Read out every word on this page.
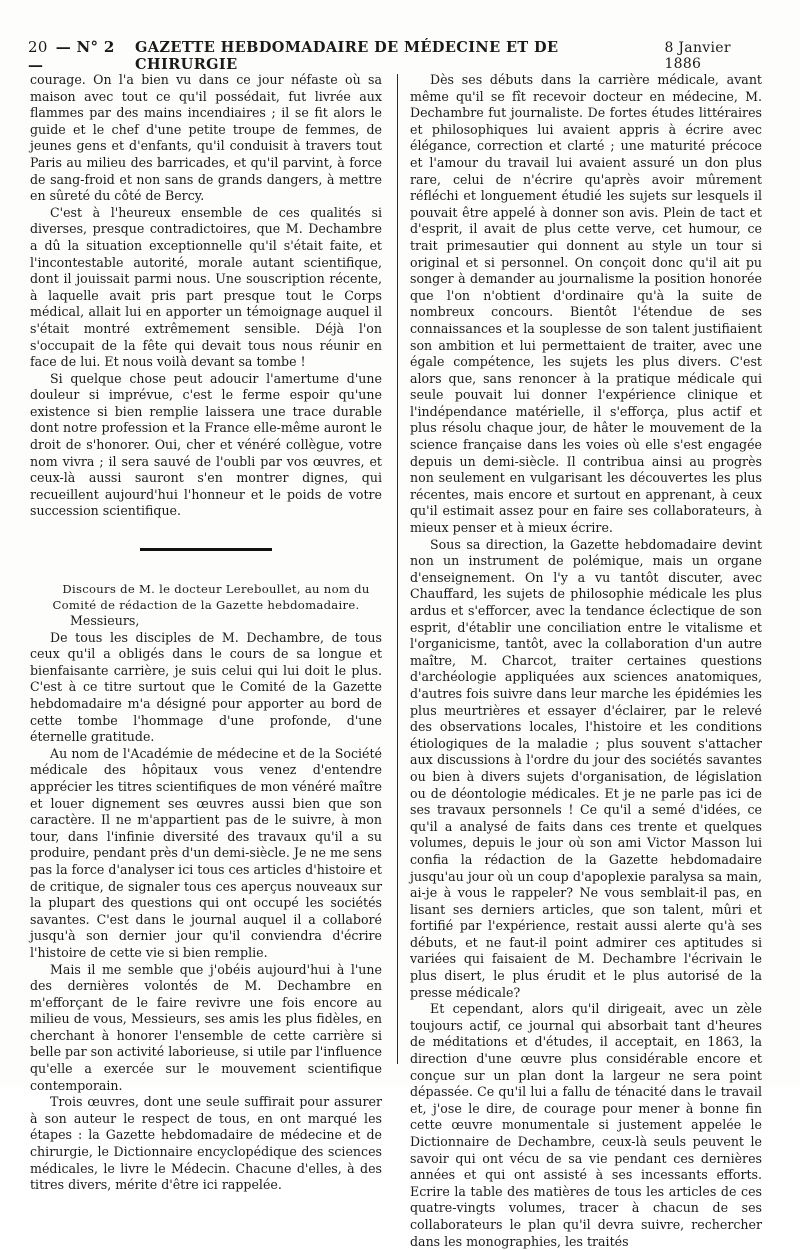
20 — N° 2 —
GAZETTE HEBDOMADAIRE DE MÉDECINE ET DE CHIRURGIE
8 Janvier 1886

courage. On l'a bien vu dans ce jour néfaste où sa maison avec tout ce qu'il possédait, fut livrée aux flammes par des mains incendiaires ; il se fit alors le guide et le chef d'une petite troupe de femmes, de jeunes gens et d'enfants, qu'il conduisit à travers tout Paris au milieu des barricades, et qu'il parvint, à force de sang-froid et non sans de grands dangers, à mettre en sûreté du côté de Bercy.

C'est à l'heureux ensemble de ces qualités si diverses, presque contradictoires, que M. Dechambre a dû la situation exceptionnelle qu'il s'était faite, et l'incontestable autorité, morale autant scientifique, dont il jouissait parmi nous. Une souscription récente, à laquelle avait pris part presque tout le Corps médical, allait lui en apporter un témoignage auquel il s'était montré extrêmement sensible. Déjà l'on s'occupait de la fête qui devait tous nous réunir en face de lui. Et nous voilà devant sa tombe !

Si quelque chose peut adoucir l'amertume d'une douleur si imprévue, c'est le ferme espoir qu'une existence si bien remplie laissera une trace durable dont notre profession et la France elle-même auront le droit de s'honorer. Oui, cher et vénéré collègue, votre nom vivra ; il sera sauvé de l'oubli par vos œuvres, et ceux-là aussi sauront s'en montrer dignes, qui recueillent aujourd'hui l'honneur et le poids de votre succession scientifique.

Discours de M. le docteur Lereboullet, au nom du Comité de rédaction de la Gazette hebdomadaire.

Messieurs,

De tous les disciples de M. Dechambre, de tous ceux qu'il a obligés dans le cours de sa longue et bienfaisante carrière, je suis celui qui lui doit le plus. C'est à ce titre surtout que le Comité de la Gazette hebdomadaire m'a désigné pour apporter au bord de cette tombe l'hommage d'une profonde, d'une éternelle gratitude.

Au nom de l'Académie de médecine et de la Société médicale des hôpitaux vous venez d'entendre apprécier les titres scientifiques de mon vénéré maître et louer dignement ses œuvres aussi bien que son caractère. Il ne m'appartient pas de le suivre, à mon tour, dans l'infinie diversité des travaux qu'il a su produire, pendant près d'un demi-siècle. Je ne me sens pas la force d'analyser ici tous ces articles d'histoire et de critique, de signaler tous ces aperçus nouveaux sur la plupart des questions qui ont occupé les sociétés savantes. C'est dans le journal auquel il a collaboré jusqu'à son dernier jour qu'il conviendra d'écrire l'histoire de cette vie si bien remplie.

Mais il me semble que j'obéis aujourd'hui à l'une des dernières volontés de M. Dechambre en m'efforçant de le faire revivre une fois encore au milieu de vous, Messieurs, ses amis les plus fidèles, en cherchant à honorer l'ensemble de cette carrière si belle par son activité laborieuse, si utile par l'influence qu'elle a exercée sur le mouvement scientifique contemporain.

Trois œuvres, dont une seule suffirait pour assurer à son auteur le respect de tous, en ont marqué les étapes : la Gazette hebdomadaire de médecine et de chirurgie, le Dictionnaire encyclopédique des sciences médicales, le livre le Médecin. Chacune d'elles, à des titres divers, mérite d'être ici rappelée.

Dès ses débuts dans la carrière médicale, avant même qu'il se fît recevoir docteur en médecine, M. Dechambre fut journaliste. De fortes études littéraires et philosophiques lui avaient appris à écrire avec élégance, correction et clarté ; une maturité précoce et l'amour du travail lui avaient assuré un don plus rare, celui de n'écrire qu'après avoir mûrement réfléchi et longuement étudié les sujets sur lesquels il pouvait être appelé à donner son avis. Plein de tact et d'esprit, il avait de plus cette verve, cet humour, ce trait primesautier qui donnent au style un tour si original et si personnel. On conçoit donc qu'il ait pu songer à demander au journalisme la position honorée que l'on n'obtient d'ordinaire qu'à la suite de nombreux concours. Bientôt l'étendue de ses connaissances et la souplesse de son talent justifiaient son ambition et lui permettaient de traiter, avec une égale compétence, les sujets les plus divers. C'est alors que, sans renoncer à la pratique médicale qui seule pouvait lui donner l'expérience clinique et l'indépendance matérielle, il s'efforça, plus actif et plus résolu chaque jour, de hâter le mouvement de la science française dans les voies où elle s'est engagée depuis un demi-siècle. Il contribua ainsi au progrès non seulement en vulgarisant les découvertes les plus récentes, mais encore et surtout en apprenant, à ceux qu'il estimait assez pour en faire ses collaborateurs, à mieux penser et à mieux écrire.

Sous sa direction, la Gazette hebdomadaire devint non un instrument de polémique, mais un organe d'enseignement. On l'y a vu tantôt discuter, avec Chauffard, les sujets de philosophie médicale les plus ardus et s'efforcer, avec la tendance éclectique de son esprit, d'établir une conciliation entre le vitalisme et l'organicisme, tantôt, avec la collaboration d'un autre maître, M. Charcot, traiter certaines questions d'archéologie appliquées aux sciences anatomiques, d'autres fois suivre dans leur marche les épidémies les plus meurtrières et essayer d'éclairer, par le relevé des observations locales, l'histoire et les conditions étiologiques de la maladie ; plus souvent s'attacher aux discussions à l'ordre du jour des sociétés savantes ou bien à divers sujets d'organisation, de législation ou de déontologie médicales. Et je ne parle pas ici de ses travaux personnels ! Ce qu'il a semé d'idées, ce qu'il a analysé de faits dans ces trente et quelques volumes, depuis le jour où son ami Victor Masson lui confia la rédaction de la Gazette hebdomadaire jusqu'au jour où un coup d'apoplexie paralysa sa main, ai-je à vous le rappeler? Ne vous semblait-il pas, en lisant ses derniers articles, que son talent, mûri et fortifié par l'expérience, restait aussi alerte qu'à ses débuts, et ne faut-il point admirer ces aptitudes si variées qui faisaient de M. Dechambre l'écrivain le plus disert, le plus érudit et le plus autorisé de la presse médicale?

Et cependant, alors qu'il dirigeait, avec un zèle toujours actif, ce journal qui absorbait tant d'heures de méditations et d'études, il acceptait, en 1863, la direction d'une œuvre plus considérable encore et conçue sur un plan dont la largeur ne sera point dépassée. Ce qu'il lui a fallu de ténacité dans le travail et, j'ose le dire, de courage pour mener à bonne fin cette œuvre monumentale si justement appelée le Dictionnaire de Dechambre, ceux-là seuls peuvent le savoir qui ont vécu de sa vie pendant ces dernières années et qui ont assisté à ses incessants efforts. Ecrire la table des matières de tous les articles de ces quatre-vingts volumes, tracer à chacun de ses collaborateurs le plan qu'il devra suivre, rechercher dans les monographies, les traités
